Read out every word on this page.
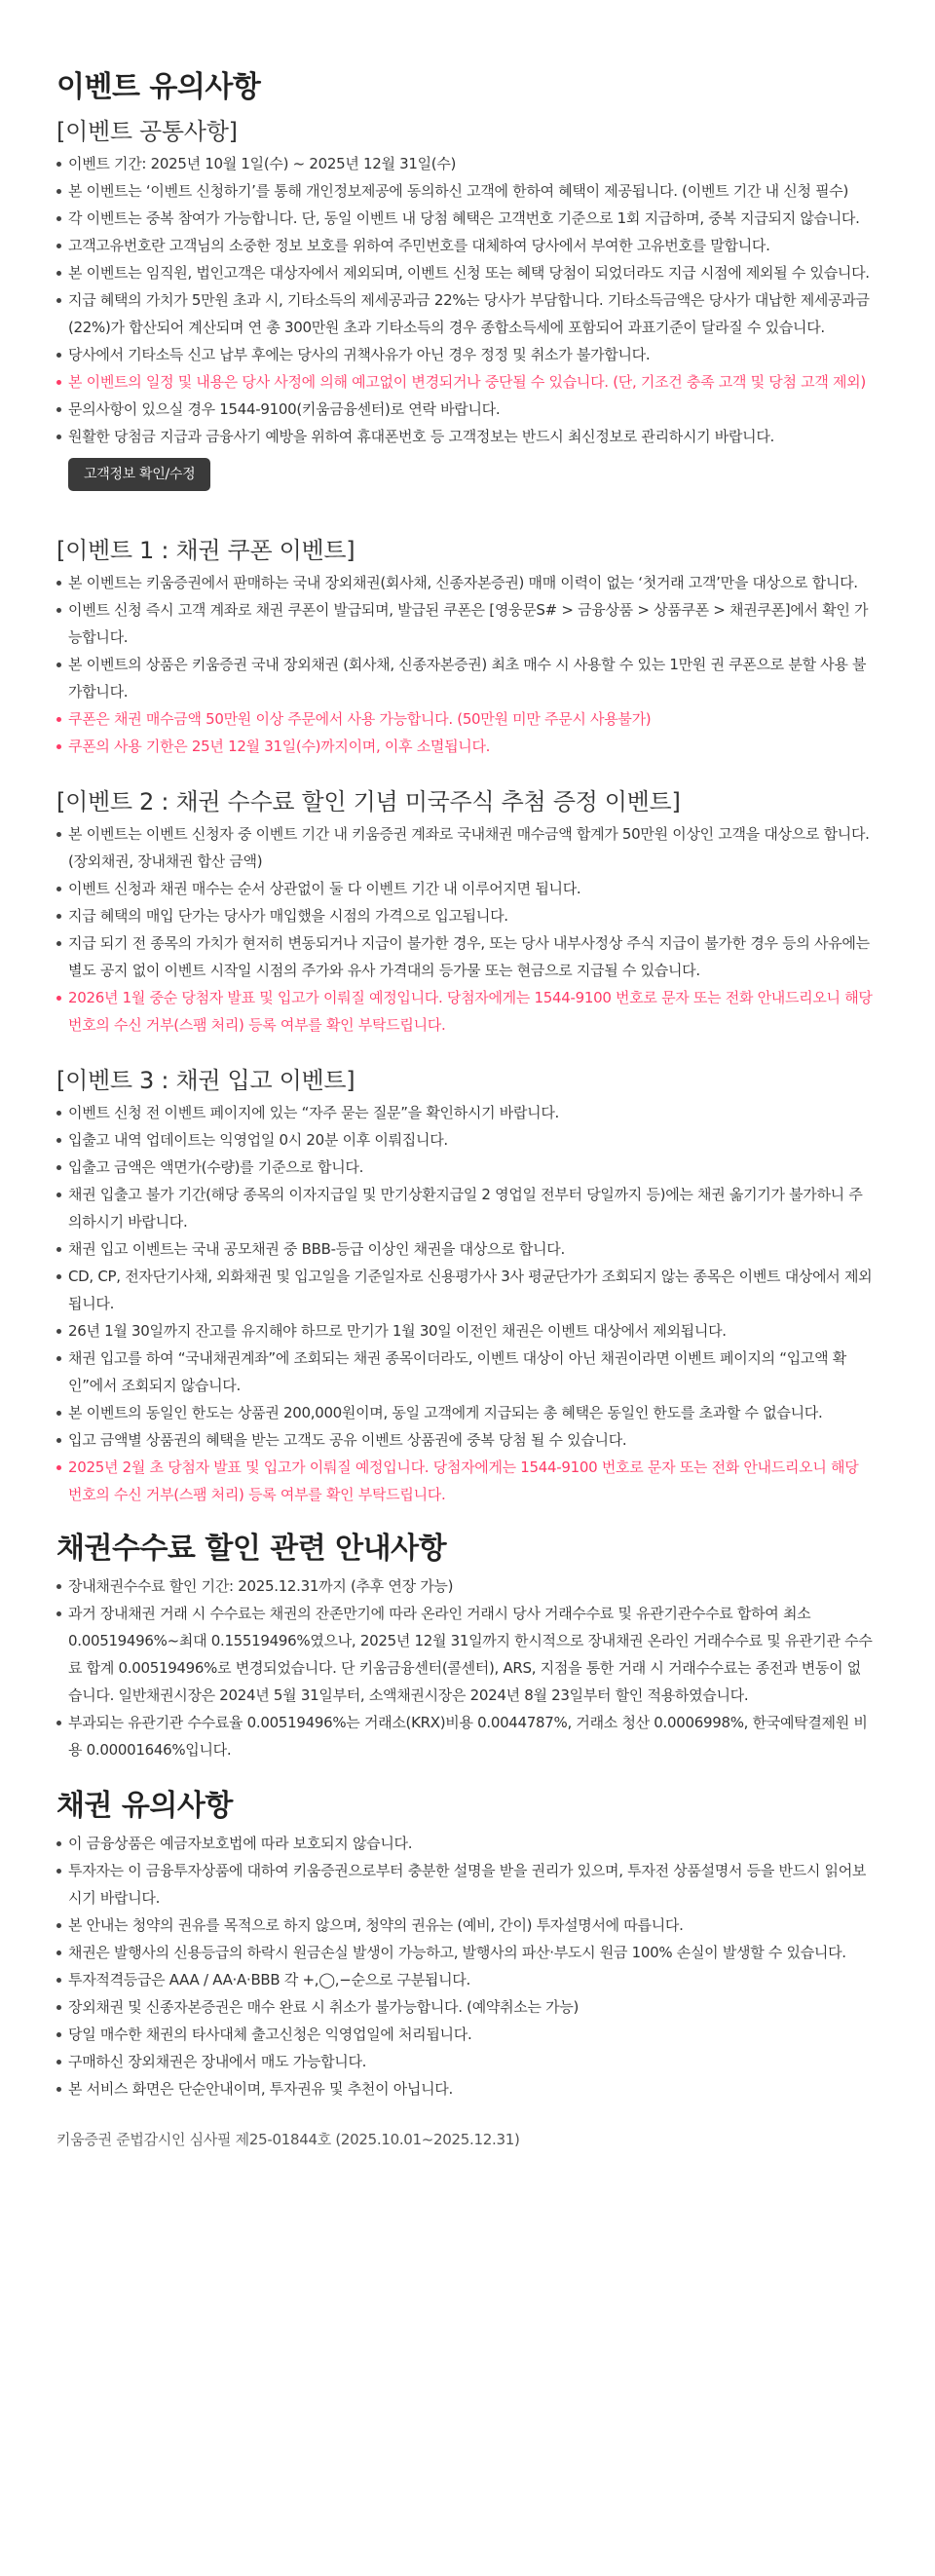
이벤트 유의사항
[이벤트 공통사항]
이벤트 기간: 2025년 10월 1일(수) ~ 2025년 12월 31일(수)
본 이벤트는 ‘이벤트 신청하기’를 통해 개인정보제공에 동의하신 고객에 한하여 혜택이 제공됩니다. (이벤트 기간 내 신청 필수)
각 이벤트는 중복 참여가 가능합니다. 단, 동일 이벤트 내 당첨 혜택은 고객번호 기준으로 1회 지급하며, 중복 지급되지 않습니다.
고객고유번호란 고객님의 소중한 정보 보호를 위하여 주민번호를 대체하여 당사에서 부여한 고유번호를 말합니다.
본 이벤트는 임직원, 법인고객은 대상자에서 제외되며, 이벤트 신청 또는 혜택 당첨이 되었더라도 지급 시점에 제외될 수 있습니다.
지급 혜택의 가치가 5만원 초과 시, 기타소득의 제세공과금 22%는 당사가 부담합니다. 기타소득금액은 당사가 대납한 제세공과금(22%)가 합산되어 계산되며 연 총 300만원 초과 기타소득의 경우 종합소득세에 포함되어 과표기준이 달라질 수 있습니다.
당사에서 기타소득 신고 납부 후에는 당사의 귀책사유가 아닌 경우 정정 및 취소가 불가합니다.
본 이벤트의 일정 및 내용은 당사 사정에 의해 예고없이 변경되거나 중단될 수 있습니다. (단, 기조건 충족 고객 및 당첨 고객 제외)
문의사항이 있으실 경우 1544-9100(키움금융센터)로 연락 바랍니다.
원활한 당첨금 지급과 금융사기 예방을 위하여 휴대폰번호 등 고객정보는 반드시 최신정보로 관리하시기 바랍니다.
고객정보 확인/수정
[이벤트 1 : 채권 쿠폰 이벤트]
본 이벤트는 키움증권에서 판매하는 국내 장외채권(회사채, 신종자본증권) 매매 이력이 없는 ‘첫거래 고객’만을 대상으로 합니다.
이벤트 신청 즉시 고객 계좌로 채권 쿠폰이 발급되며, 발급된 쿠폰은 [영웅문S# > 금융상품 > 상품쿠폰 > 채권쿠폰]에서 확인 가능합니다.
본 이벤트의 상품은 키움증권 국내 장외채권 (회사채, 신종자본증권) 최초 매수 시 사용할 수 있는 1만원 권 쿠폰으로 분할 사용 불가합니다.
쿠폰은 채권 매수금액 50만원 이상 주문에서 사용 가능합니다. (50만원 미만 주문시 사용불가)
쿠폰의 사용 기한은 25년 12월 31일(수)까지이며, 이후 소멸됩니다.
[이벤트 2 : 채권 수수료 할인 기념 미국주식 추첨 증정 이벤트]
본 이벤트는 이벤트 신청자 중 이벤트 기간 내 키움증권 계좌로 국내채권 매수금액 합계가 50만원 이상인 고객을 대상으로 합니다. (장외채권, 장내채권 합산 금액)
이벤트 신청과 채권 매수는 순서 상관없이 둘 다 이벤트 기간 내 이루어지면 됩니다.
지급 혜택의 매입 단가는 당사가 매입했을 시점의 가격으로 입고됩니다.
지급 되기 전 종목의 가치가 현저히 변동되거나 지급이 불가한 경우, 또는 당사 내부사정상 주식 지급이 불가한 경우 등의 사유에는 별도 공지 없이 이벤트 시작일 시점의 주가와 유사 가격대의 등가물 또는 현금으로 지급될 수 있습니다.
2026년 1월 중순 당첨자 발표 및 입고가 이뤄질 예정입니다. 당첨자에게는 1544-9100 번호로 문자 또는 전화 안내드리오니 해당 번호의 수신 거부(스팸 처리) 등록 여부를 확인 부탁드립니다.
[이벤트 3 : 채권 입고 이벤트]
이벤트 신청 전 이벤트 페이지에 있는 “자주 묻는 질문”을 확인하시기 바랍니다.
입출고 내역 업데이트는 익영업일 0시 20분 이후 이뤄집니다.
입출고 금액은 액면가(수량)를 기준으로 합니다.
채권 입출고 불가 기간(해당 종목의 이자지급일 및 만기상환지급일 2 영업일 전부터 당일까지 등)에는 채권 옮기기가 불가하니 주의하시기 바랍니다.
채권 입고 이벤트는 국내 공모채권 중 BBB-등급 이상인 채권을 대상으로 합니다.
CD, CP, 전자단기사채, 외화채권 및 입고일을 기준일자로 신용평가사 3사 평균단가가 조회되지 않는 종목은 이벤트 대상에서 제외됩니다.
26년 1월 30일까지 잔고를 유지해야 하므로 만기가 1월 30일 이전인 채권은 이벤트 대상에서 제외됩니다.
채권 입고를 하여 “국내채권계좌”에 조회되는 채권 종목이더라도, 이벤트 대상이 아닌 채권이라면 이벤트 페이지의 “입고액 확인”에서 조회되지 않습니다.
본 이벤트의 동일인 한도는 상품권 200,000원이며, 동일 고객에게 지급되는 총 혜택은 동일인 한도를 초과할 수 없습니다.
입고 금액별 상품권의 혜택을 받는 고객도 공유 이벤트 상품권에 중복 당첨 될 수 있습니다.
2025년 2월 초 당첨자 발표 및 입고가 이뤄질 예정입니다. 당첨자에게는 1544-9100 번호로 문자 또는 전화 안내드리오니 해당 번호의 수신 거부(스팸 처리) 등록 여부를 확인 부탁드립니다.
채권수수료 할인 관련 안내사항
장내채권수수료 할인 기간: 2025.12.31까지 (추후 연장 가능)
과거 장내채권 거래 시 수수료는 채권의 잔존만기에 따라 온라인 거래시 당사 거래수수료 및 유관기관수수료 합하여 최소 0.00519496%~최대 0.15519496%였으나, 2025년 12월 31일까지 한시적으로 장내채권 온라인 거래수수료 및 유관기관 수수료 합계 0.00519496%로 변경되었습니다. 단 키움금융센터(콜센터), ARS, 지점을 통한 거래 시 거래수수료는 종전과 변동이 없습니다. 일반채권시장은 2024년 5월 31일부터, 소액채권시장은 2024년 8월 23일부터 할인 적용하였습니다.
부과되는 유관기관 수수료율 0.00519496%는 거래소(KRX)비용 0.0044787%, 거래소 청산 0.0006998%, 한국예탁결제원 비용 0.00001646%입니다.
채권 유의사항
이 금융상품은 예금자보호법에 따라 보호되지 않습니다.
투자자는 이 금융투자상품에 대하여 키움증권으로부터 충분한 설명을 받을 권리가 있으며, 투자전 상품설명서 등을 반드시 읽어보시기 바랍니다.
본 안내는 청약의 권유를 목적으로 하지 않으며, 청약의 권유는 (예비, 간이) 투자설명서에 따릅니다.
채권은 발행사의 신용등급의 하락시 원금손실 발생이 가능하고, 발행사의 파산·부도시 원금 100% 손실이 발생할 수 있습니다.
투자적격등급은 AAA / AA·A·BBB 각 +,◯,−순으로 구분됩니다.
장외채권 및 신종자본증권은 매수 완료 시 취소가 불가능합니다. (예약취소는 가능)
당일 매수한 채권의 타사대체 출고신청은 익영업일에 처리됩니다.
구매하신 장외채권은 장내에서 매도 가능합니다.
본 서비스 화면은 단순안내이며, 투자권유 및 추천이 아닙니다.
키움증권 준법감시인 심사필 제25-01844호 (2025.10.01~2025.12.31)
